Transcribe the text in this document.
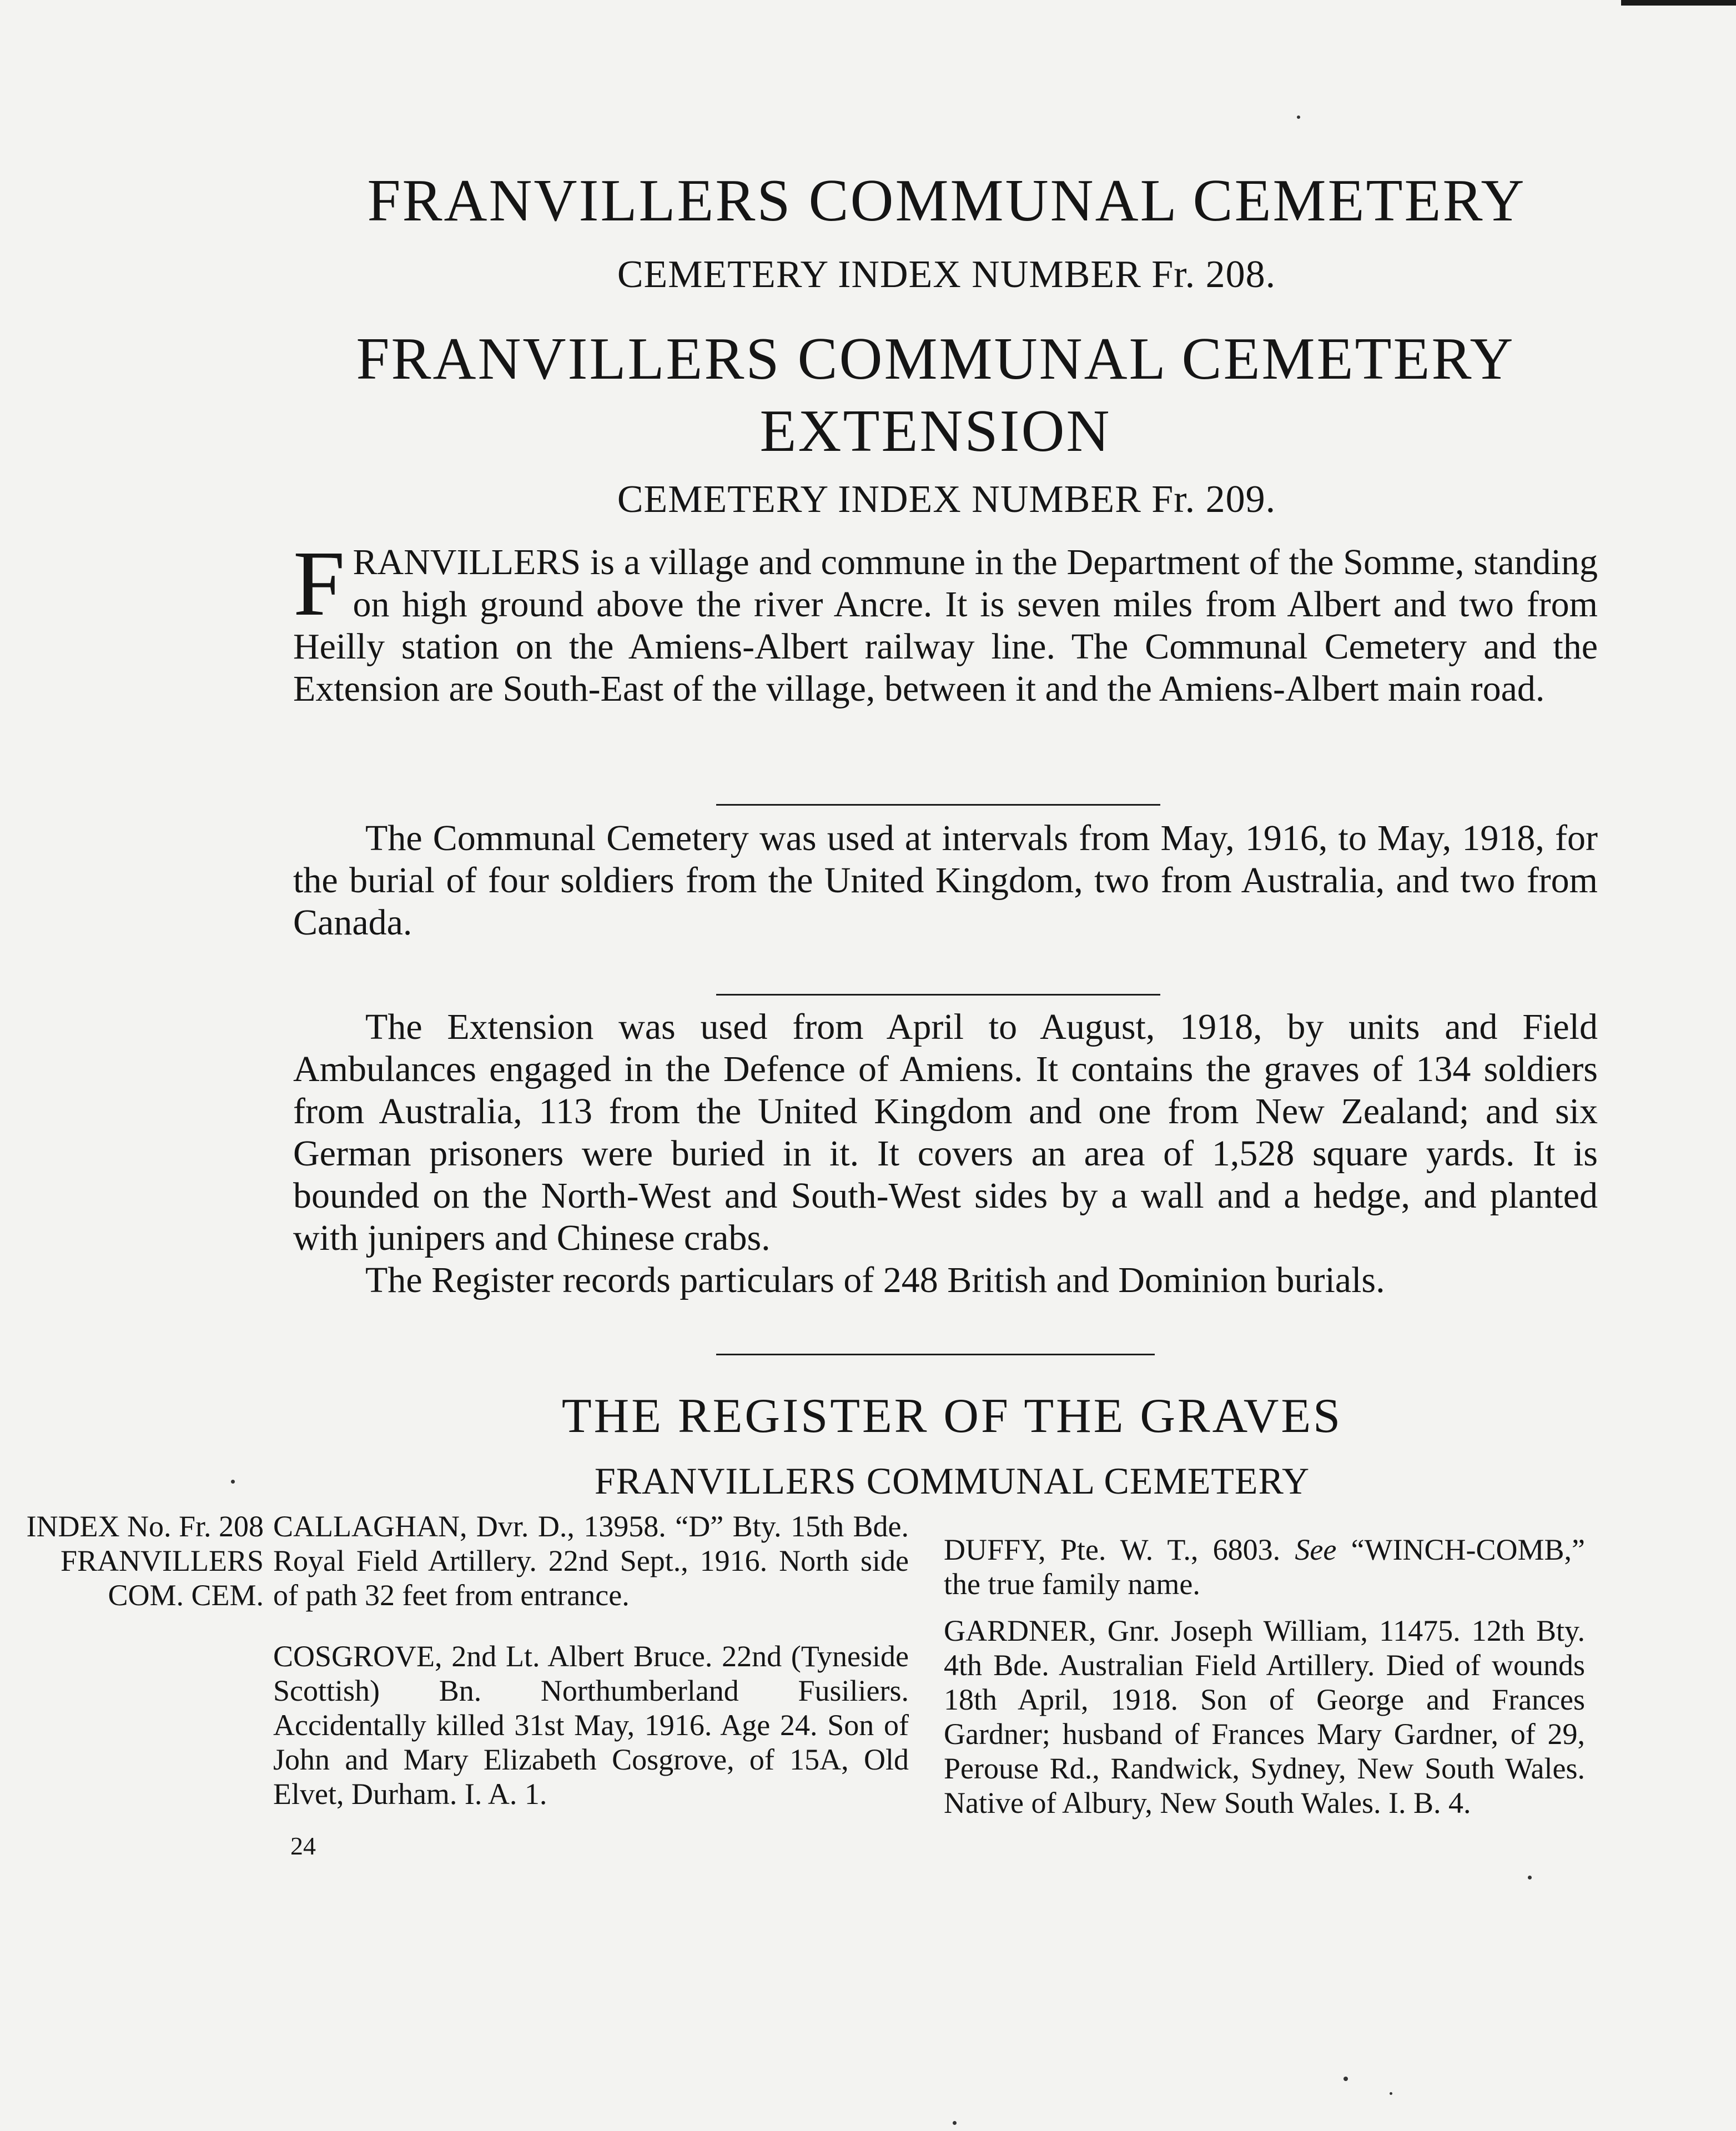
FRANVILLERS COMMUNAL CEMETERY
CEMETERY INDEX NUMBER Fr. 208.
FRANVILLERS COMMUNAL CEMETERY
EXTENSION
CEMETERY INDEX NUMBER Fr. 209.
F RANVILLERS is a village and commune in the Department of the Somme, standing on high ground above the river Ancre. It is seven miles from Albert and two from Heilly station on the Amiens-Albert railway line. The Communal Cemetery and the Extension are South-East of the village, between it and the Amiens-Albert main road.

The Communal Cemetery was used at intervals from May, 1916, to May, 1918, for the burial of four soldiers from the United Kingdom, two from Australia, and two from Canada.

The Extension was used from April to August, 1918, by units and Field Ambulances engaged in the Defence of Amiens. It contains the graves of 134 soldiers from Australia, 113 from the United Kingdom and one from New Zealand; and six German prisoners were buried in it. It covers an area of 1,528 square yards. It is bounded on the North-West and South-West sides by a wall and a hedge, and planted with junipers and Chinese crabs.

The Register records particulars of 248 British and Dominion burials.

THE REGISTER OF THE GRAVES
FRANVILLERS COMMUNAL CEMETERY
INDEX No. Fr. 208
FRANVILLERS
COM. CEM.

CALLAGHAN, Dvr. D., 13958. “D” Bty. 15th Bde. Royal Field Artillery. 22nd Sept., 1916. North side of path 32 feet from entrance.

COSGROVE, 2nd Lt. Albert Bruce. 22nd (Tyneside Scottish) Bn. Northumberland Fusiliers. Accidentally killed 31st May, 1916. Age 24. Son of John and Mary Elizabeth Cosgrove, of 15A, Old Elvet, Durham. I. A. 1.

DUFFY, Pte. W. T., 6803. See “WINCH-COMB,” the true family name.

GARDNER, Gnr. Joseph William, 11475. 12th Bty. 4th Bde. Australian Field Artillery. Died of wounds 18th April, 1918. Son of George and Frances Gardner; husband of Frances Mary Gardner, of 29, Perouse Rd., Randwick, Sydney, New South Wales. Native of Albury, New South Wales. I. B. 4.

24
